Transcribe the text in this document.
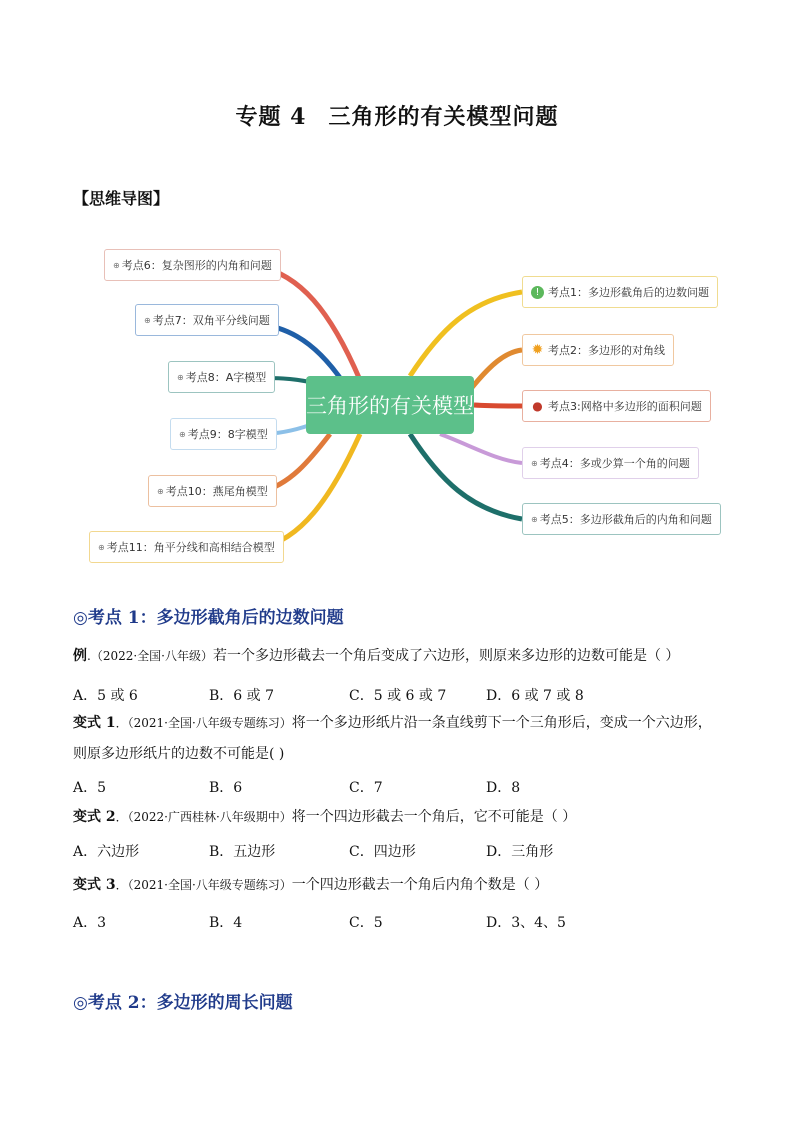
专题 4 三角形的有关模型问题
【思维导图】
三角形的有关模型
⊕ 考点6：复杂图形的内角和问题
⊕ 考点7：双角平分线问题
⊕ 考点8：A字模型
⊕ 考点9：8字模型
⊕ 考点10：燕尾角模型
⊕ 考点11：角平分线和高相结合模型
! 考点1：多边形截角后的边数问题
✹ 考点2：多边形的对角线
● 考点3:网格中多边形的面积问题
⊕ 考点4：多或少算一个角的问题
⊕ 考点5：多边形截角后的内角和问题
◎考点 1：多边形截角后的边数问题
例.（2022·全国·八年级）若一个多边形截去一个角后变成了六边形，则原来多边形的边数可能是（ ）
A．5 或 6	B．6 或 7	C．5 或 6 或 7	D．6 或 7 或 8
变式 1．（2021·全国·八年级专题练习）将一个多边形纸片沿一条直线剪下一个三角形后，变成一个六边形，
则原多边形纸片的边数不可能是( )
A．5	B．6	C．7	D．8
变式 2．（2022·广西桂林·八年级期中）将一个四边形截去一个角后，它不可能是（ ）
A．六边形	B．五边形	C．四边形	D．三角形
变式 3．（2021·全国·八年级专题练习）一个四边形截去一个角后内角个数是（ ）
A．3	B．4	C．5	D．3、4、5
◎考点 2：多边形的周长问题
